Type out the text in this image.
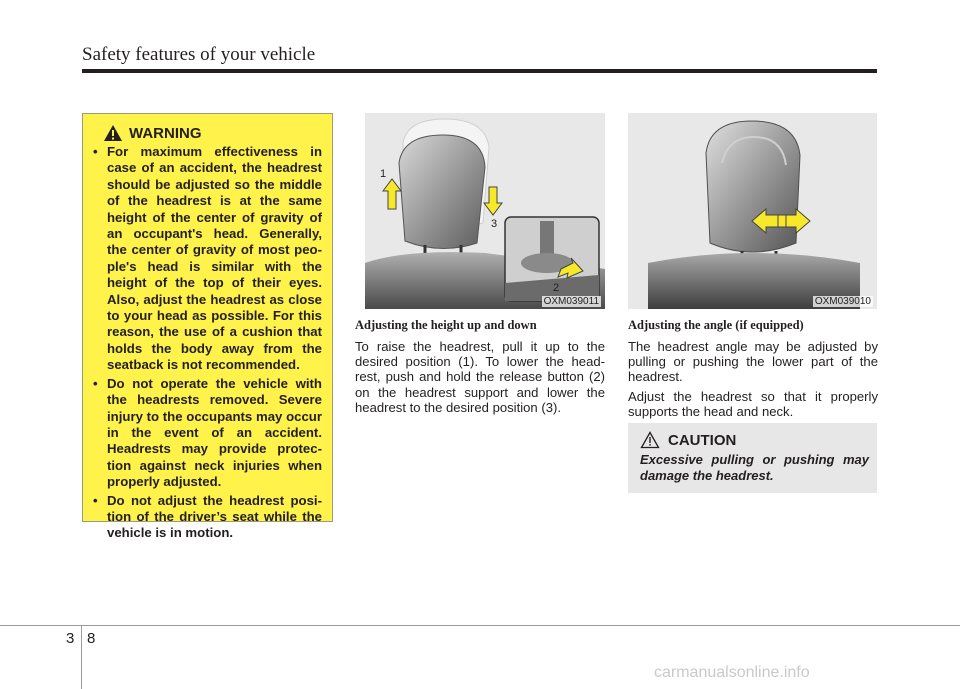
Safety features of your vehicle
WARNING
• For maximum effectiveness in case of an accident, the headrest should be adjusted so the middle of the headrest is at the same height of the center of gravity of an occupant's head. Generally, the center of gravity of most peo-ple's head is similar with the height of the top of their eyes. Also, adjust the headrest as close to your head as possible. For this reason, the use of a cushion that holds the body away from the seatback is not recommended.
• Do not operate the vehicle with the headrests removed. Severe injury to the occupants may occur in the event of an accident. Headrests may provide protec-tion against neck injuries when properly adjusted.
• Do not adjust the headrest posi-tion of the driver’s seat while the vehicle is in motion.
1
2
3
OXM039011	OXM039010
Adjusting the height up and down

To raise the headrest, pull it up to the desired position (1). To lower the head-rest, push and hold the release button (2) on the headrest support and lower the headrest to the desired position (3).

Adjusting the angle (if equipped)

The headrest angle may be adjusted by pulling or pushing the lower part of the headrest.

Adjust the headrest so that it properly supports the head and neck.

CAUTION

Excessive pulling or pushing may damage the headrest.

3 8
carmanualsonline.info
